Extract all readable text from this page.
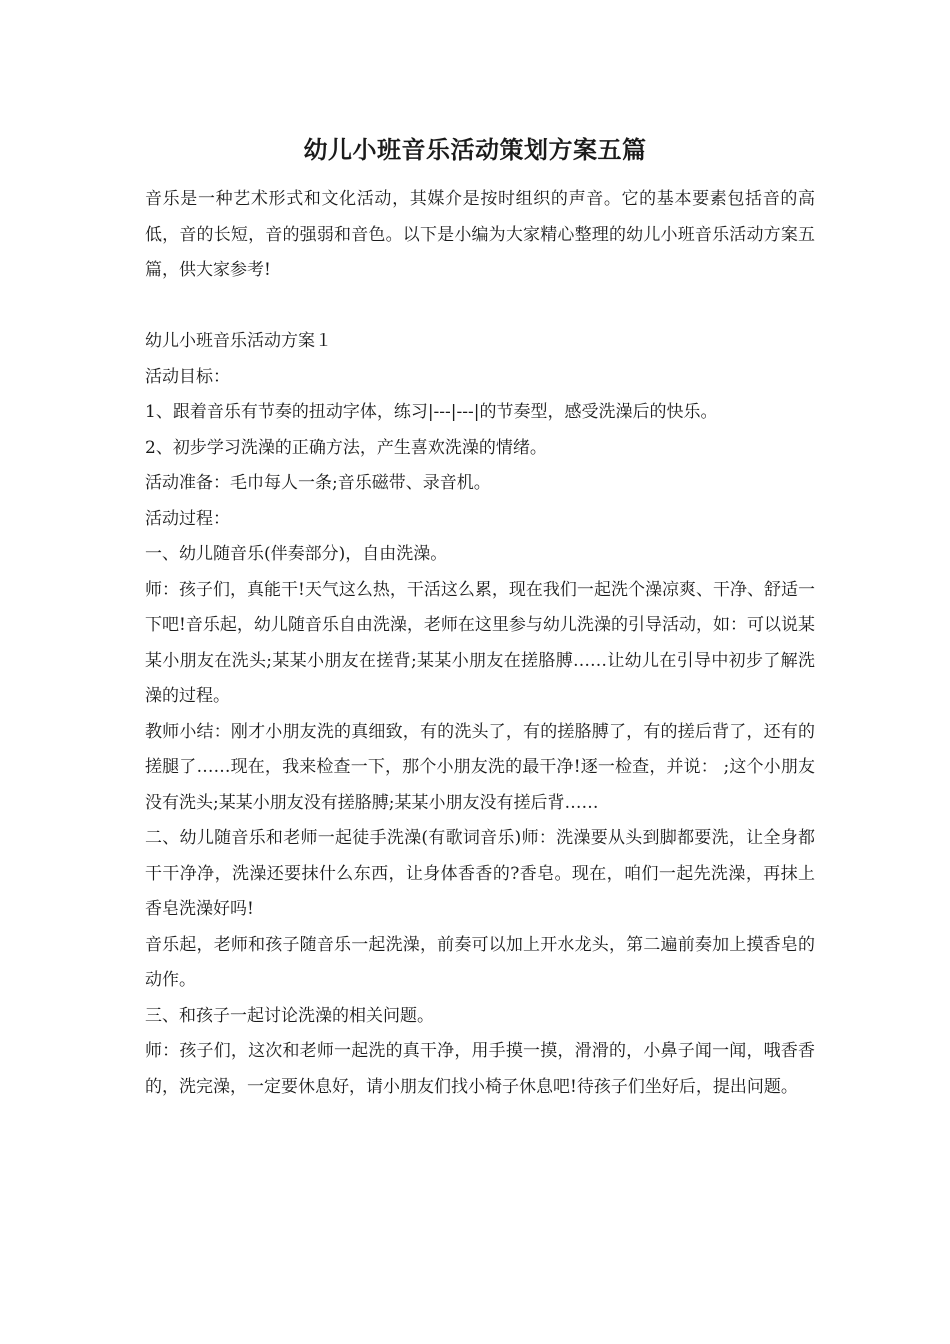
幼儿小班音乐活动策划方案五篇

音乐是一种艺术形式和文化活动，其媒介是按时组织的声音。它的基本要素包括音的高低，音的长短，音的强弱和音色。以下是小编为大家精心整理的幼儿小班音乐活动方案五篇，供大家参考!

幼儿小班音乐活动方案１

活动目标：

1、跟着音乐有节奏的扭动字体，练习|---|---|的节奏型，感受洗澡后的快乐。

2、初步学习洗澡的正确方法，产生喜欢洗澡的情绪。

活动准备：毛巾每人一条;音乐磁带、录音机。

活动过程：

一、幼儿随音乐(伴奏部分)，自由洗澡。

师：孩子们，真能干!天气这么热，干活这么累，现在我们一起洗个澡凉爽、干净、舒适一下吧!音乐起，幼儿随音乐自由洗澡，老师在这里参与幼儿洗澡的引导活动，如：可以说某某小朋友在洗头;某某小朋友在搓背;某某小朋友在搓胳膊……让幼儿在引导中初步了解洗澡的过程。

教师小结：刚才小朋友洗的真细致，有的洗头了，有的搓胳膊了，有的搓后背了，还有的搓腿了……现在，我来检查一下，那个小朋友洗的最干净!逐一检查，并说： ;这个小朋友没有洗头;某某小朋友没有搓胳膊;某某小朋友没有搓后背……

二、幼儿随音乐和老师一起徒手洗澡(有歌词音乐)师：洗澡要从头到脚都要洗，让全身都干干净净，洗澡还要抹什么东西，让身体香香的?香皂。现在，咱们一起先洗澡，再抹上香皂洗澡好吗!

音乐起，老师和孩子随音乐一起洗澡，前奏可以加上开水龙头，第二遍前奏加上摸香皂的动作。

三、和孩子一起讨论洗澡的相关问题。

师：孩子们，这次和老师一起洗的真干净，用手摸一摸，滑滑的，小鼻子闻一闻，哦香香的，洗完澡，一定要休息好，请小朋友们找小椅子休息吧!待孩子们坐好后，提出问题。
